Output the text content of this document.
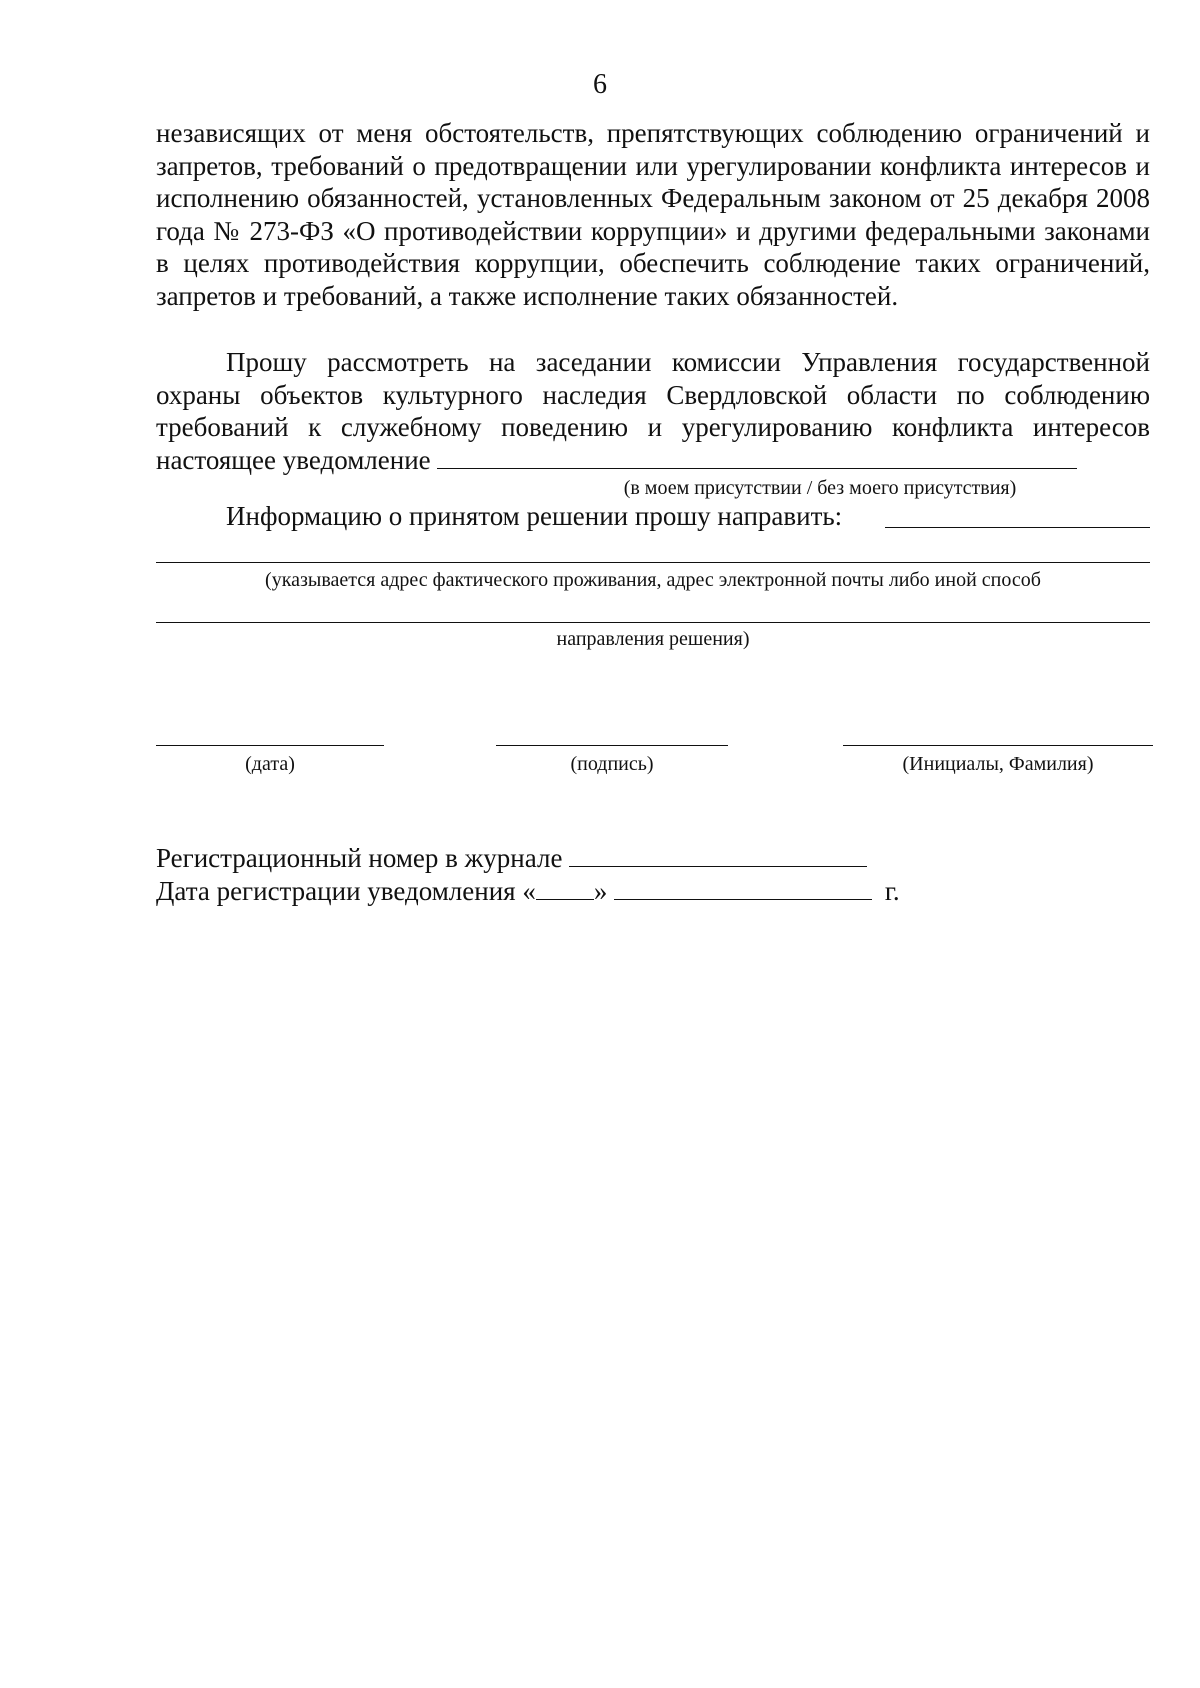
6

независящих от меня обстоятельств, препятствующих соблюдению ограничений и запретов, требований о предотвращении или урегулировании конфликта интересов и исполнению обязанностей, установленных Федеральным законом от 25 декабря 2008 года № 273-ФЗ «О противодействии коррупции» и другими федеральными законами в целях противодействия коррупции, обеспечить соблюдение таких ограничений, запретов и требований, а также исполнение таких обязанностей.

Прошу рассмотреть на заседании комиссии Управления государственной охраны объектов культурного наследия Свердловской области по соблюдению требований к служебному поведению и урегулированию конфликта интересов настоящее уведомление

(в моем присутствии / без моего присутствия)
Информацию о принятом решении прошу направить:
(указывается адрес фактического проживания, адрес электронной почты либо иной способ
направления решения)
(дата)	(подпись)	(Инициалы, Фамилия)
Регистрационный номер в журнале
Дата регистрации уведомления « »	г.
